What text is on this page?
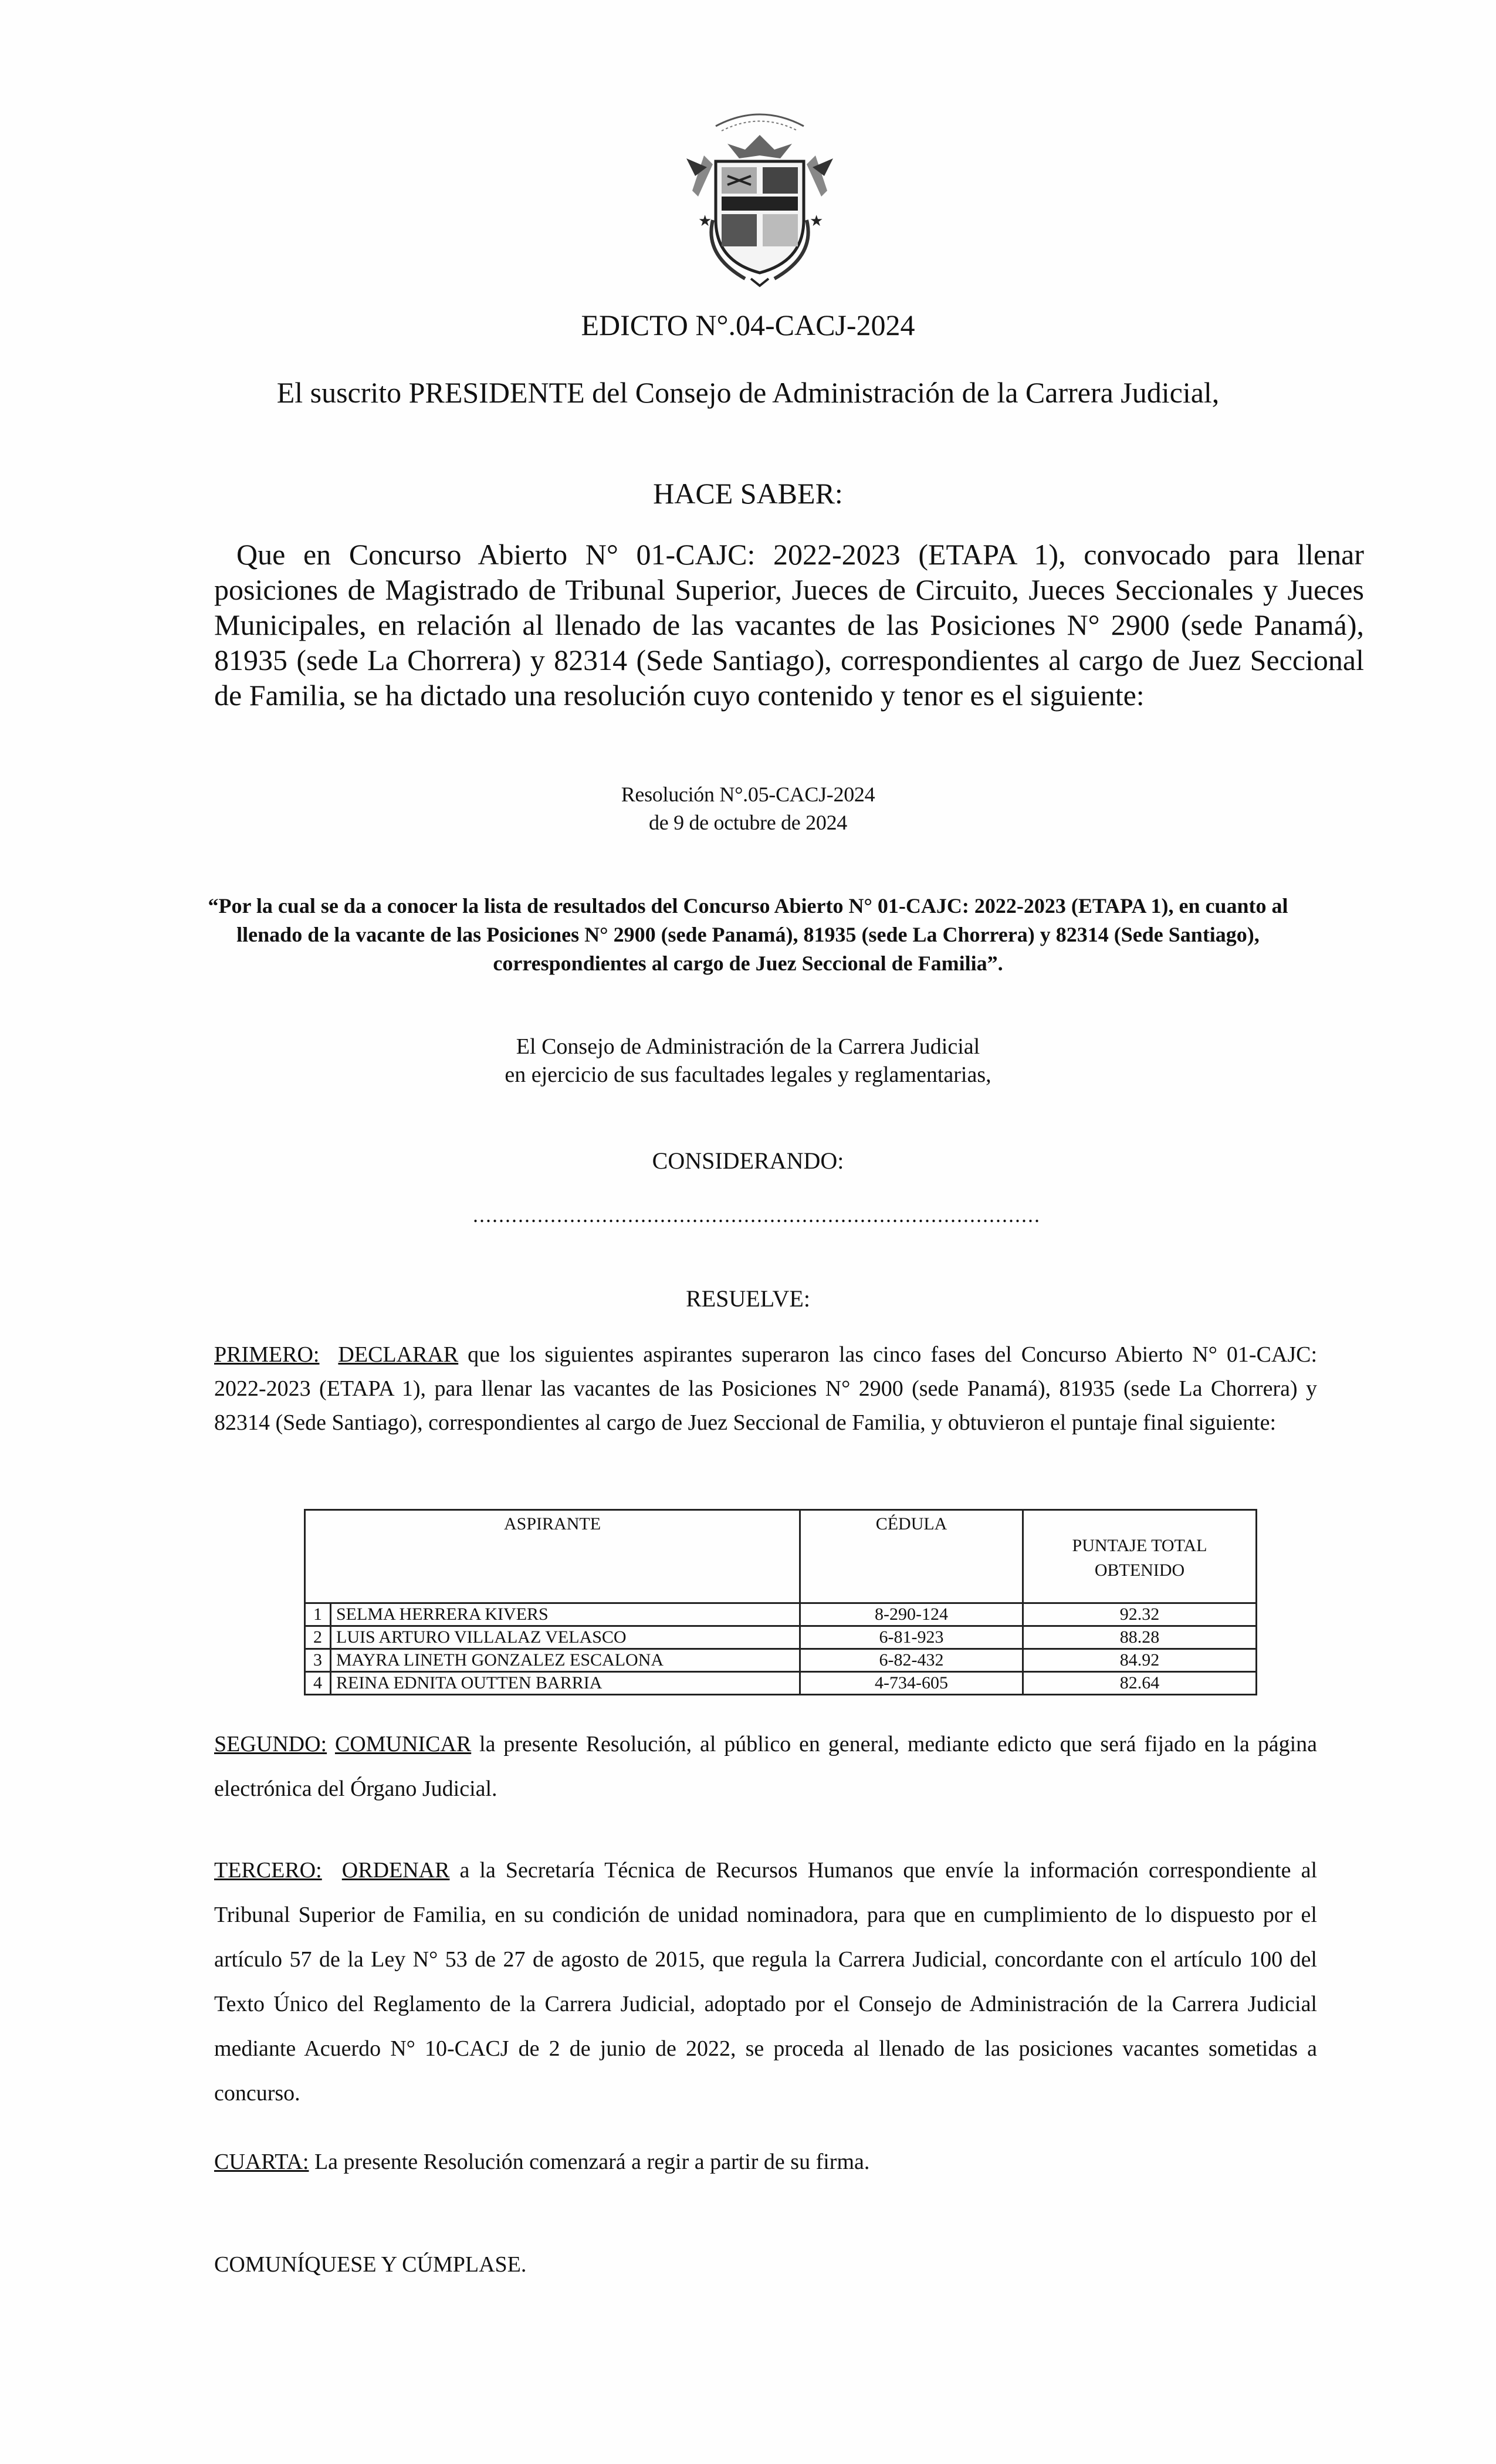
★	★
EDICTO N°.04-CACJ-2024
El suscrito PRESIDENTE del Consejo de Administración de la Carrera Judicial,
HACE SABER:
Que en Concurso Abierto N° 01-CAJC: 2022-2023 (ETAPA 1), convocado para llenar posiciones de Magistrado de Tribunal Superior, Jueces de Circuito, Jueces Seccionales y Jueces Municipales, en relación al llenado de las vacantes de las Posiciones N° 2900 (sede Panamá), 81935 (sede La Chorrera) y 82314 (Sede Santiago), correspondientes al cargo de Juez Seccional de Familia, se ha dictado una resolución cuyo contenido y tenor es el siguiente:
Resolución N°.05-CACJ-2024
de 9 de octubre de 2024
“Por la cual se da a conocer la lista de resultados del Concurso Abierto N° 01-CAJC: 2022-2023 (ETAPA 1), en cuanto al llenado de la vacante de las Posiciones N° 2900 (sede Panamá), 81935 (sede La Chorrera) y 82314 (Sede Santiago), correspondientes al cargo de Juez Seccional de Familia”.
El Consejo de Administración de la Carrera Judicial
en ejercicio de sus facultades legales y reglamentarias,
CONSIDERANDO:
........................................................................................
RESUELVE:
PRIMERO: DECLARAR que los siguientes aspirantes superaron las cinco fases del Concurso Abierto N° 01-CAJC: 2022-2023 (ETAPA 1), para llenar las vacantes de las Posiciones N° 2900 (sede Panamá), 81935 (sede La Chorrera) y 82314 (Sede Santiago), correspondientes al cargo de Juez Seccional de Familia, y obtuvieron el puntaje final siguiente:
ASPIRANTE		CÉDULA	PUNTAJE TOTAL
OBTENIDO

1	SELMA HERRERA KIVERS	8-290-124	92.32
2	LUIS ARTURO VILLALAZ VELASCO	6-81-923	88.28
3	MAYRA LINETH GONZALEZ ESCALONA	6-82-432	84.92
4	REINA EDNITA OUTTEN BARRIA	4-734-605	82.64
SEGUNDO: COMUNICAR la presente Resolución, al público en general, mediante edicto que será fijado en la página electrónica del Órgano Judicial.
TERCERO: ORDENAR a la Secretaría Técnica de Recursos Humanos que envíe la información correspondiente al Tribunal Superior de Familia, en su condición de unidad nominadora, para que en cumplimiento de lo dispuesto por el artículo 57 de la Ley N° 53 de 27 de agosto de 2015, que regula la Carrera Judicial, concordante con el artículo 100 del Texto Único del Reglamento de la Carrera Judicial, adoptado por el Consejo de Administración de la Carrera Judicial mediante Acuerdo N° 10-CACJ de 2 de junio de 2022, se proceda al llenado de las posiciones vacantes sometidas a concurso.
CUARTA: La presente Resolución comenzará a regir a partir de su firma.
COMUNÍQUESE Y CÚMPLASE.
